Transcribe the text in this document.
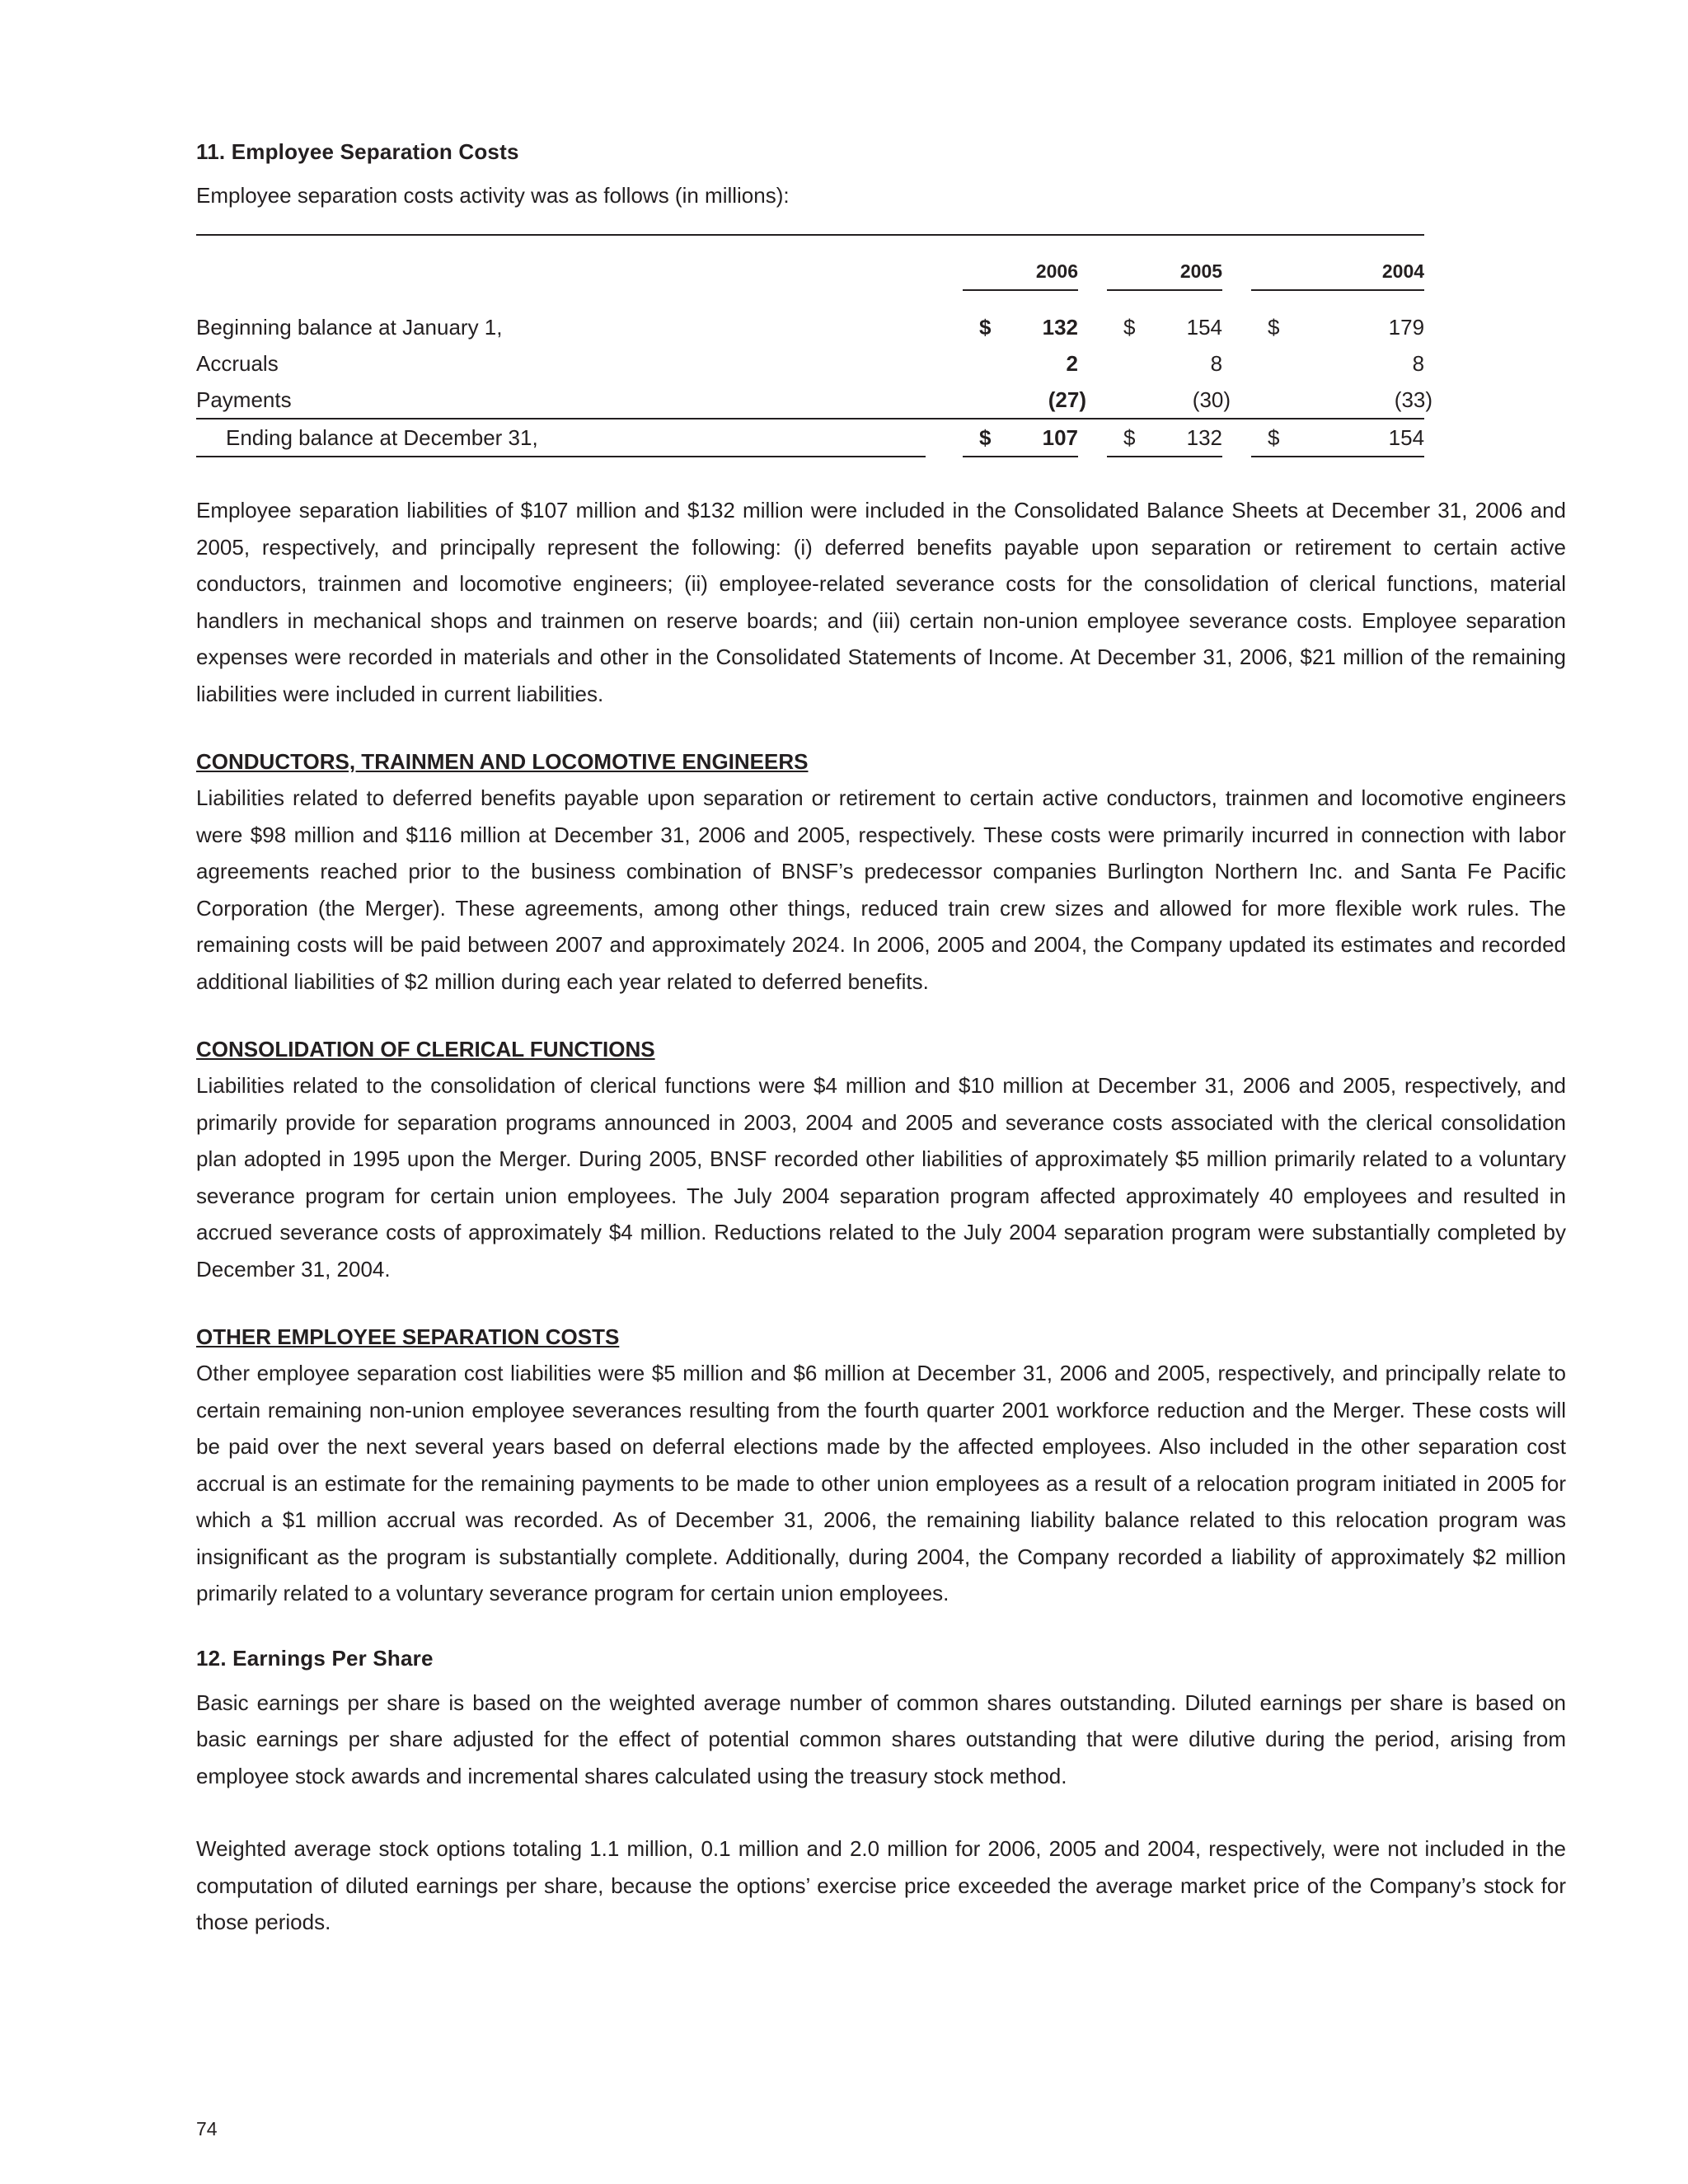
11. Employee Separation Costs

Employee separation costs activity was as follows (in millions):

		2006			2005			2004	

Beginning balance at January 1,		$	132		$	154		$	179
Accruals			2			8			8
Payments			(27)			(30)			(33)
Ending balance at December 31,		$	107		$	132		$	154

Employee separation liabilities of $107 million and $132 million were included in the Consolidated Balance Sheets at December 31, 2006 and 2005, respectively, and principally represent the following: (i) deferred benefits payable upon separation or retirement to certain active conductors, trainmen and locomotive engineers; (ii) employee-related severance costs for the consolidation of clerical functions, material handlers in mechanical shops and trainmen on reserve boards; and (iii) certain non-union employee severance costs. Employee separation expenses were recorded in materials and other in the Consolidated Statements of Income. At December 31, 2006, $21 million of the remaining liabilities were included in current liabilities.

CONDUCTORS, TRAINMEN AND LOCOMOTIVE ENGINEERS

Liabilities related to deferred benefits payable upon separation or retirement to certain active conductors, trainmen and locomotive engineers were $98 million and $116 million at December 31, 2006 and 2005, respectively. These costs were primarily incurred in connection with labor agreements reached prior to the business combination of BNSF’s predecessor companies Burlington Northern Inc. and Santa Fe Pacific Corporation (the Merger). These agreements, among other things, reduced train crew sizes and allowed for more flexible work rules. The remaining costs will be paid between 2007 and approximately 2024. In 2006, 2005 and 2004, the Company updated its estimates and recorded additional liabilities of $2 million during each year related to deferred benefits.

CONSOLIDATION OF CLERICAL FUNCTIONS

Liabilities related to the consolidation of clerical functions were $4 million and $10 million at December 31, 2006 and 2005, respectively, and primarily provide for separation programs announced in 2003, 2004 and 2005 and severance costs associated with the clerical consolidation plan adopted in 1995 upon the Merger. During 2005, BNSF recorded other liabilities of approximately $5 million primarily related to a voluntary severance program for certain union employees. The July 2004 separation program affected approximately 40 employees and resulted in accrued severance costs of approximately $4 million. Reductions related to the July 2004 separation program were substantially completed by December 31, 2004.

OTHER EMPLOYEE SEPARATION COSTS

Other employee separation cost liabilities were $5 million and $6 million at December 31, 2006 and 2005, respectively, and principally relate to certain remaining non-union employee severances resulting from the fourth quarter 2001 workforce reduction and the Merger. These costs will be paid over the next several years based on deferral elections made by the affected employees. Also included in the other separation cost accrual is an estimate for the remaining payments to be made to other union employees as a result of a relocation program initiated in 2005 for which a $1 million accrual was recorded. As of December 31, 2006, the remaining liability balance related to this relocation program was insignificant as the program is substantially complete. Additionally, during 2004, the Company recorded a liability of approximately $2 million primarily related to a voluntary severance program for certain union employees.

12. Earnings Per Share

Basic earnings per share is based on the weighted average number of common shares outstanding. Diluted earnings per share is based on basic earnings per share adjusted for the effect of potential common shares outstanding that were dilutive during the period, arising from employee stock awards and incremental shares calculated using the treasury stock method.

Weighted average stock options totaling 1.1 million, 0.1 million and 2.0 million for 2006, 2005 and 2004, respectively, were not included in the computation of diluted earnings per share, because the options’ exercise price exceeded the average market price of the Company’s stock for those periods.

74
